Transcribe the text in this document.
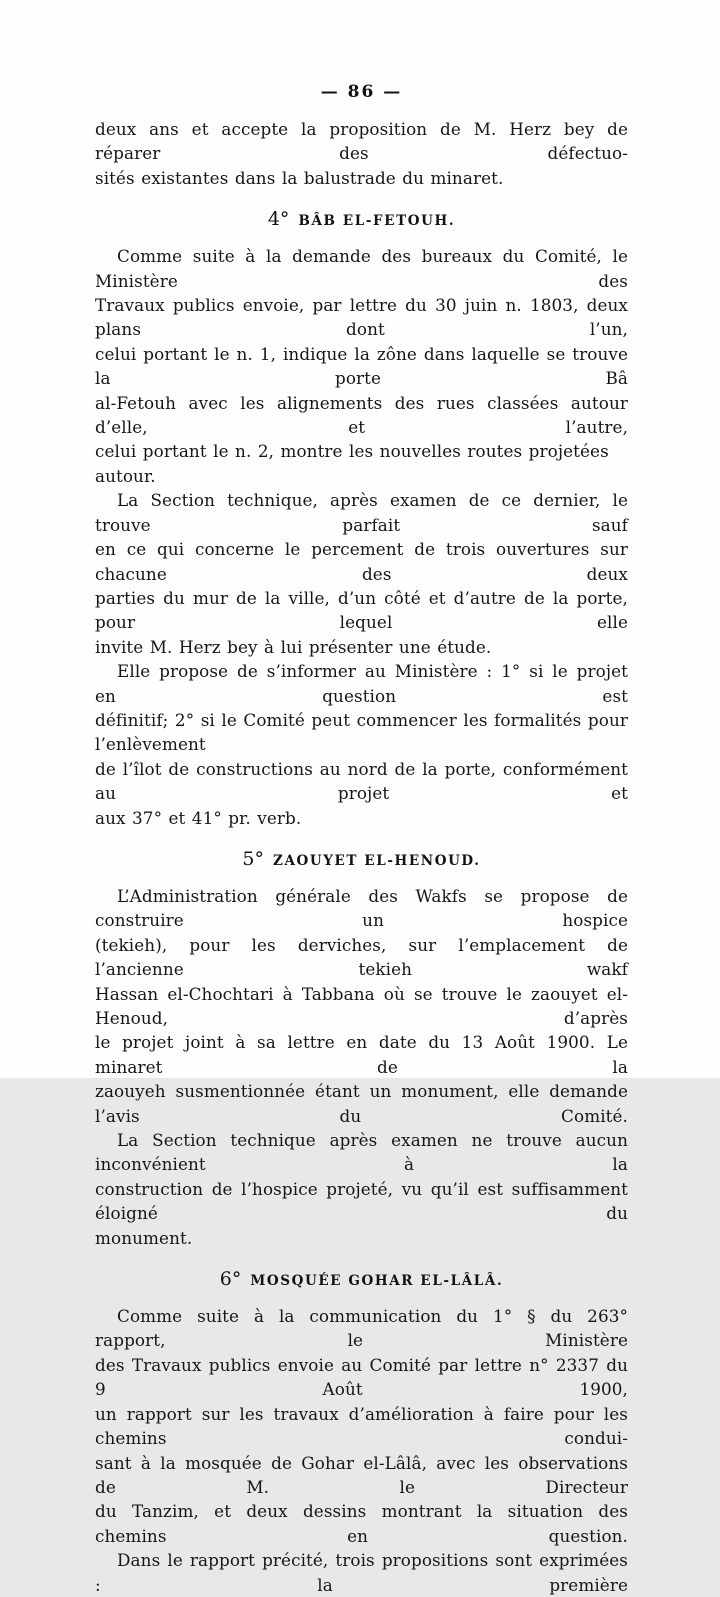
— 86 —
deux ans et accepte la proposition de M. Herz bey de réparer des défectuo-
sités existantes dans la balustrade du minaret.
4° BÂB EL-FETOUH.
Comme suite à la demande des bureaux du Comité, le Ministère des
Travaux publics envoie, par lettre du 30 juin n. 1803, deux plans dont l’un,
celui portant le n. 1, indique la zône dans laquelle se trouve la porte Bâ
al-Fetouh avec les alignements des rues classées autour d’elle, et l’autre,
celui portant le n. 2, montre les nouvelles routes projetées autour.
La Section technique, après examen de ce dernier, le trouve parfait sauf
en ce qui concerne le percement de trois ouvertures sur chacune des deux
parties du mur de la ville, d’un côté et d’autre de la porte, pour lequel elle
invite M. Herz bey à lui présenter une étude.
Elle propose de s’informer au Ministère : 1° si le projet en question est
définitif; 2° si le Comité peut commencer les formalités pour l’enlèvement
de l’îlot de constructions au nord de la porte, conformément au projet et
aux 37° et 41° pr. verb.
5° ZAOUYET EL-HENOUD.
L’Administration générale des Wakfs se propose de construire un hospice
(tekieh), pour les derviches, sur l’emplacement de l’ancienne tekieh wakf
Hassan el-Chochtari à Tabbana où se trouve le zaouyet el-Henoud, d’après
le projet joint à sa lettre en date du 13 Août 1900. Le minaret de la
zaouyeh susmentionnée étant un monument, elle demande l’avis du Comité.
La Section technique après examen ne trouve aucun inconvénient à la
construction de l’hospice projeté, vu qu’il est suffisamment éloigné du
monument.
6° MOSQUÉE GOHAR EL-LÂLÂ.
Comme suite à la communication du 1° § du 263° rapport, le Ministère
des Travaux publics envoie au Comité par lettre n° 2337 du 9 Août 1900,
un rapport sur les travaux d’amélioration à faire pour les chemins condui-
sant à la mosquée de Gohar el-Lâlâ, avec les observations de M. le Directeur
du Tanzim, et deux dessins montrant la situation des chemins en question.
Dans le rapport précité, trois propositions sont exprimées : la première
